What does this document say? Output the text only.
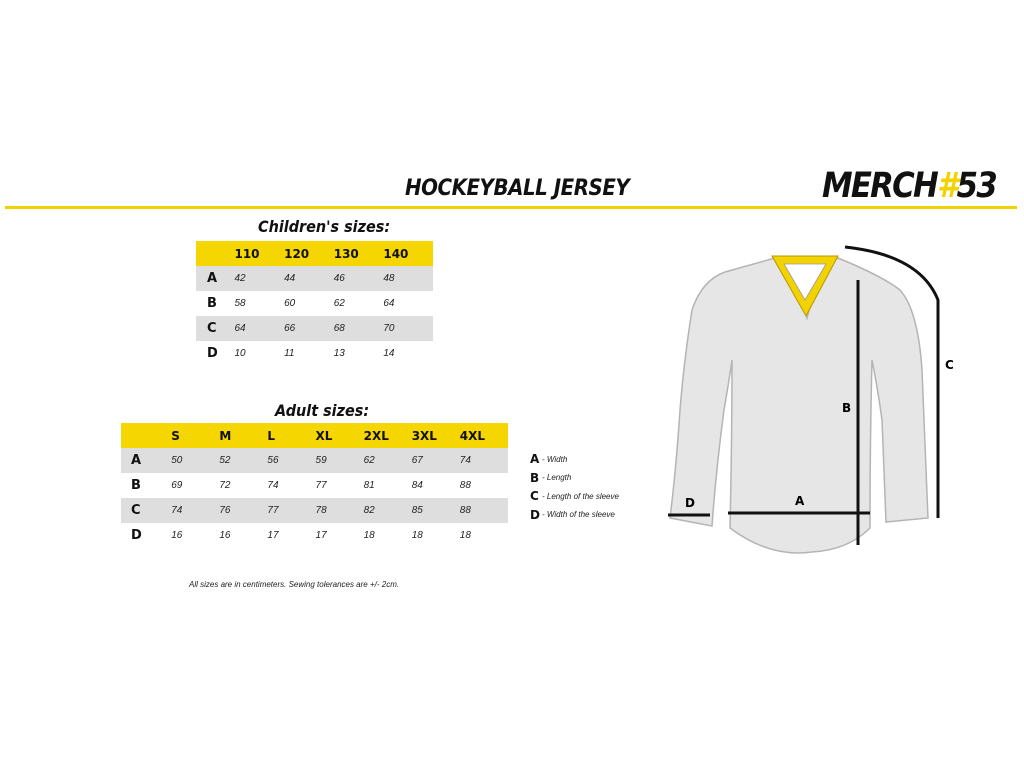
HOCKEYBALL JERSEY	MERCH#53
Children's sizes:
	110	120	130	140
A	42	44	46	48
B	58	60	62	64
C	64	66	68	70
D	10	11	13	14
Adult sizes:
	S	M	L	XL	2XL	3XL	4XL
A	50	52	56	59	62	67	74
B	69	72	74	77	81	84	88
C	74	76	77	78	82	85	88
D	16	16	17	17	18	18	18
All sizes are in centimeters. Sewing tolerances are +/- 2cm.
A - Width
B - Length
C - Length of the sleeve
D - Width of the sleeve
B
A
D
C
